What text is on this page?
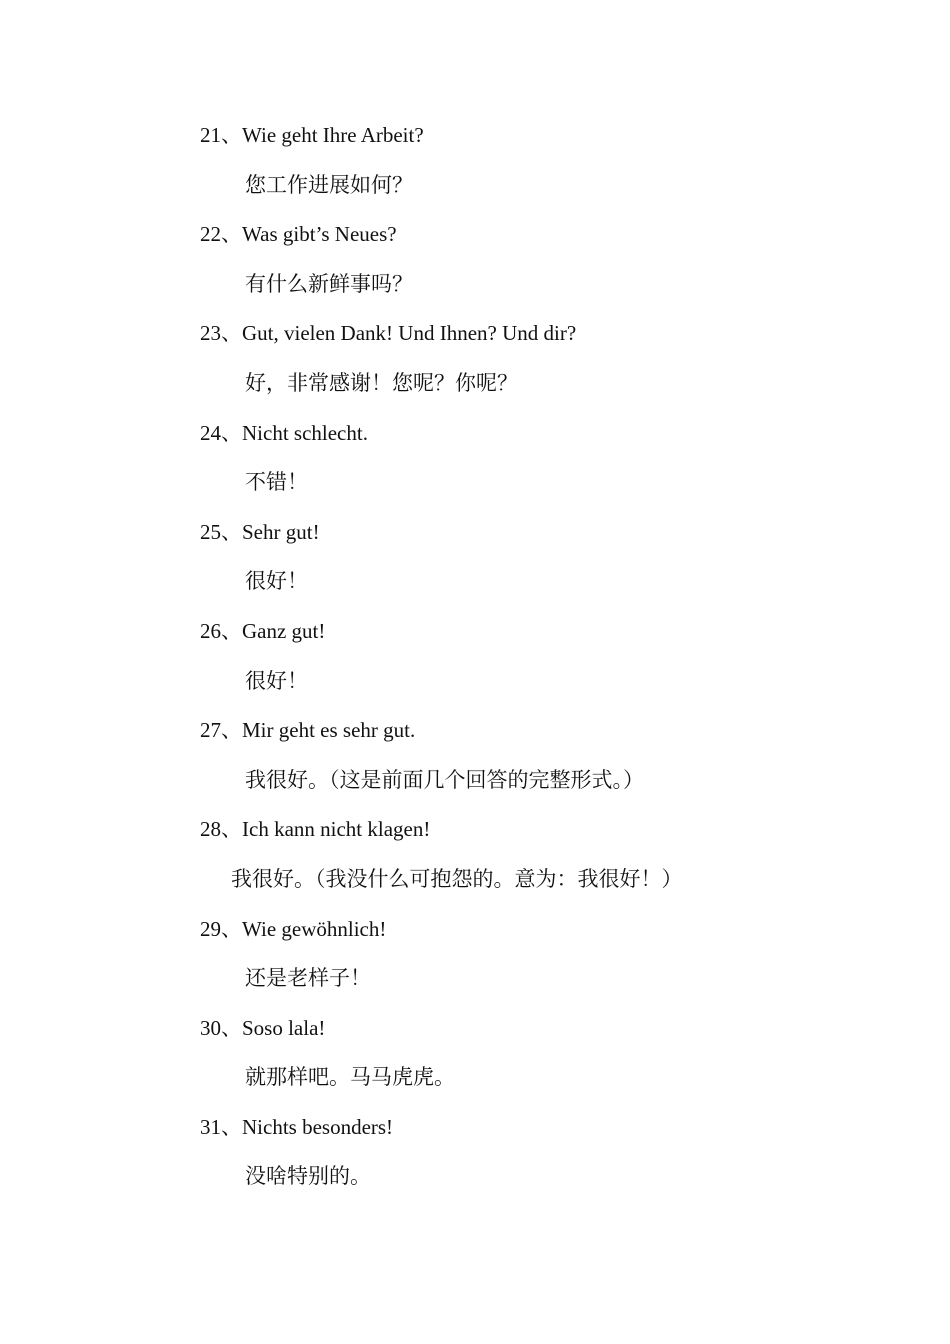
21、Wie geht Ihre Arbeit?
您工作进展如何？
22、Was gibt’s Neues?
有什么新鲜事吗？
23、Gut, vielen Dank! Und Ihnen? Und dir?
好，非常感谢！您呢？你呢？
24、Nicht schlecht.
不错！
25、Sehr gut!
很好！
26、Ganz gut!
很好！
27、Mir geht es sehr gut.
我很好。（这是前面几个回答的完整形式。）
28、Ich kann nicht klagen!
我很好。（我没什么可抱怨的。意为：我很好！）
29、Wie gewöhnlich!
还是老样子！
30、Soso lala!
就那样吧。马马虎虎。
31、Nichts besonders!
没啥特别的。
